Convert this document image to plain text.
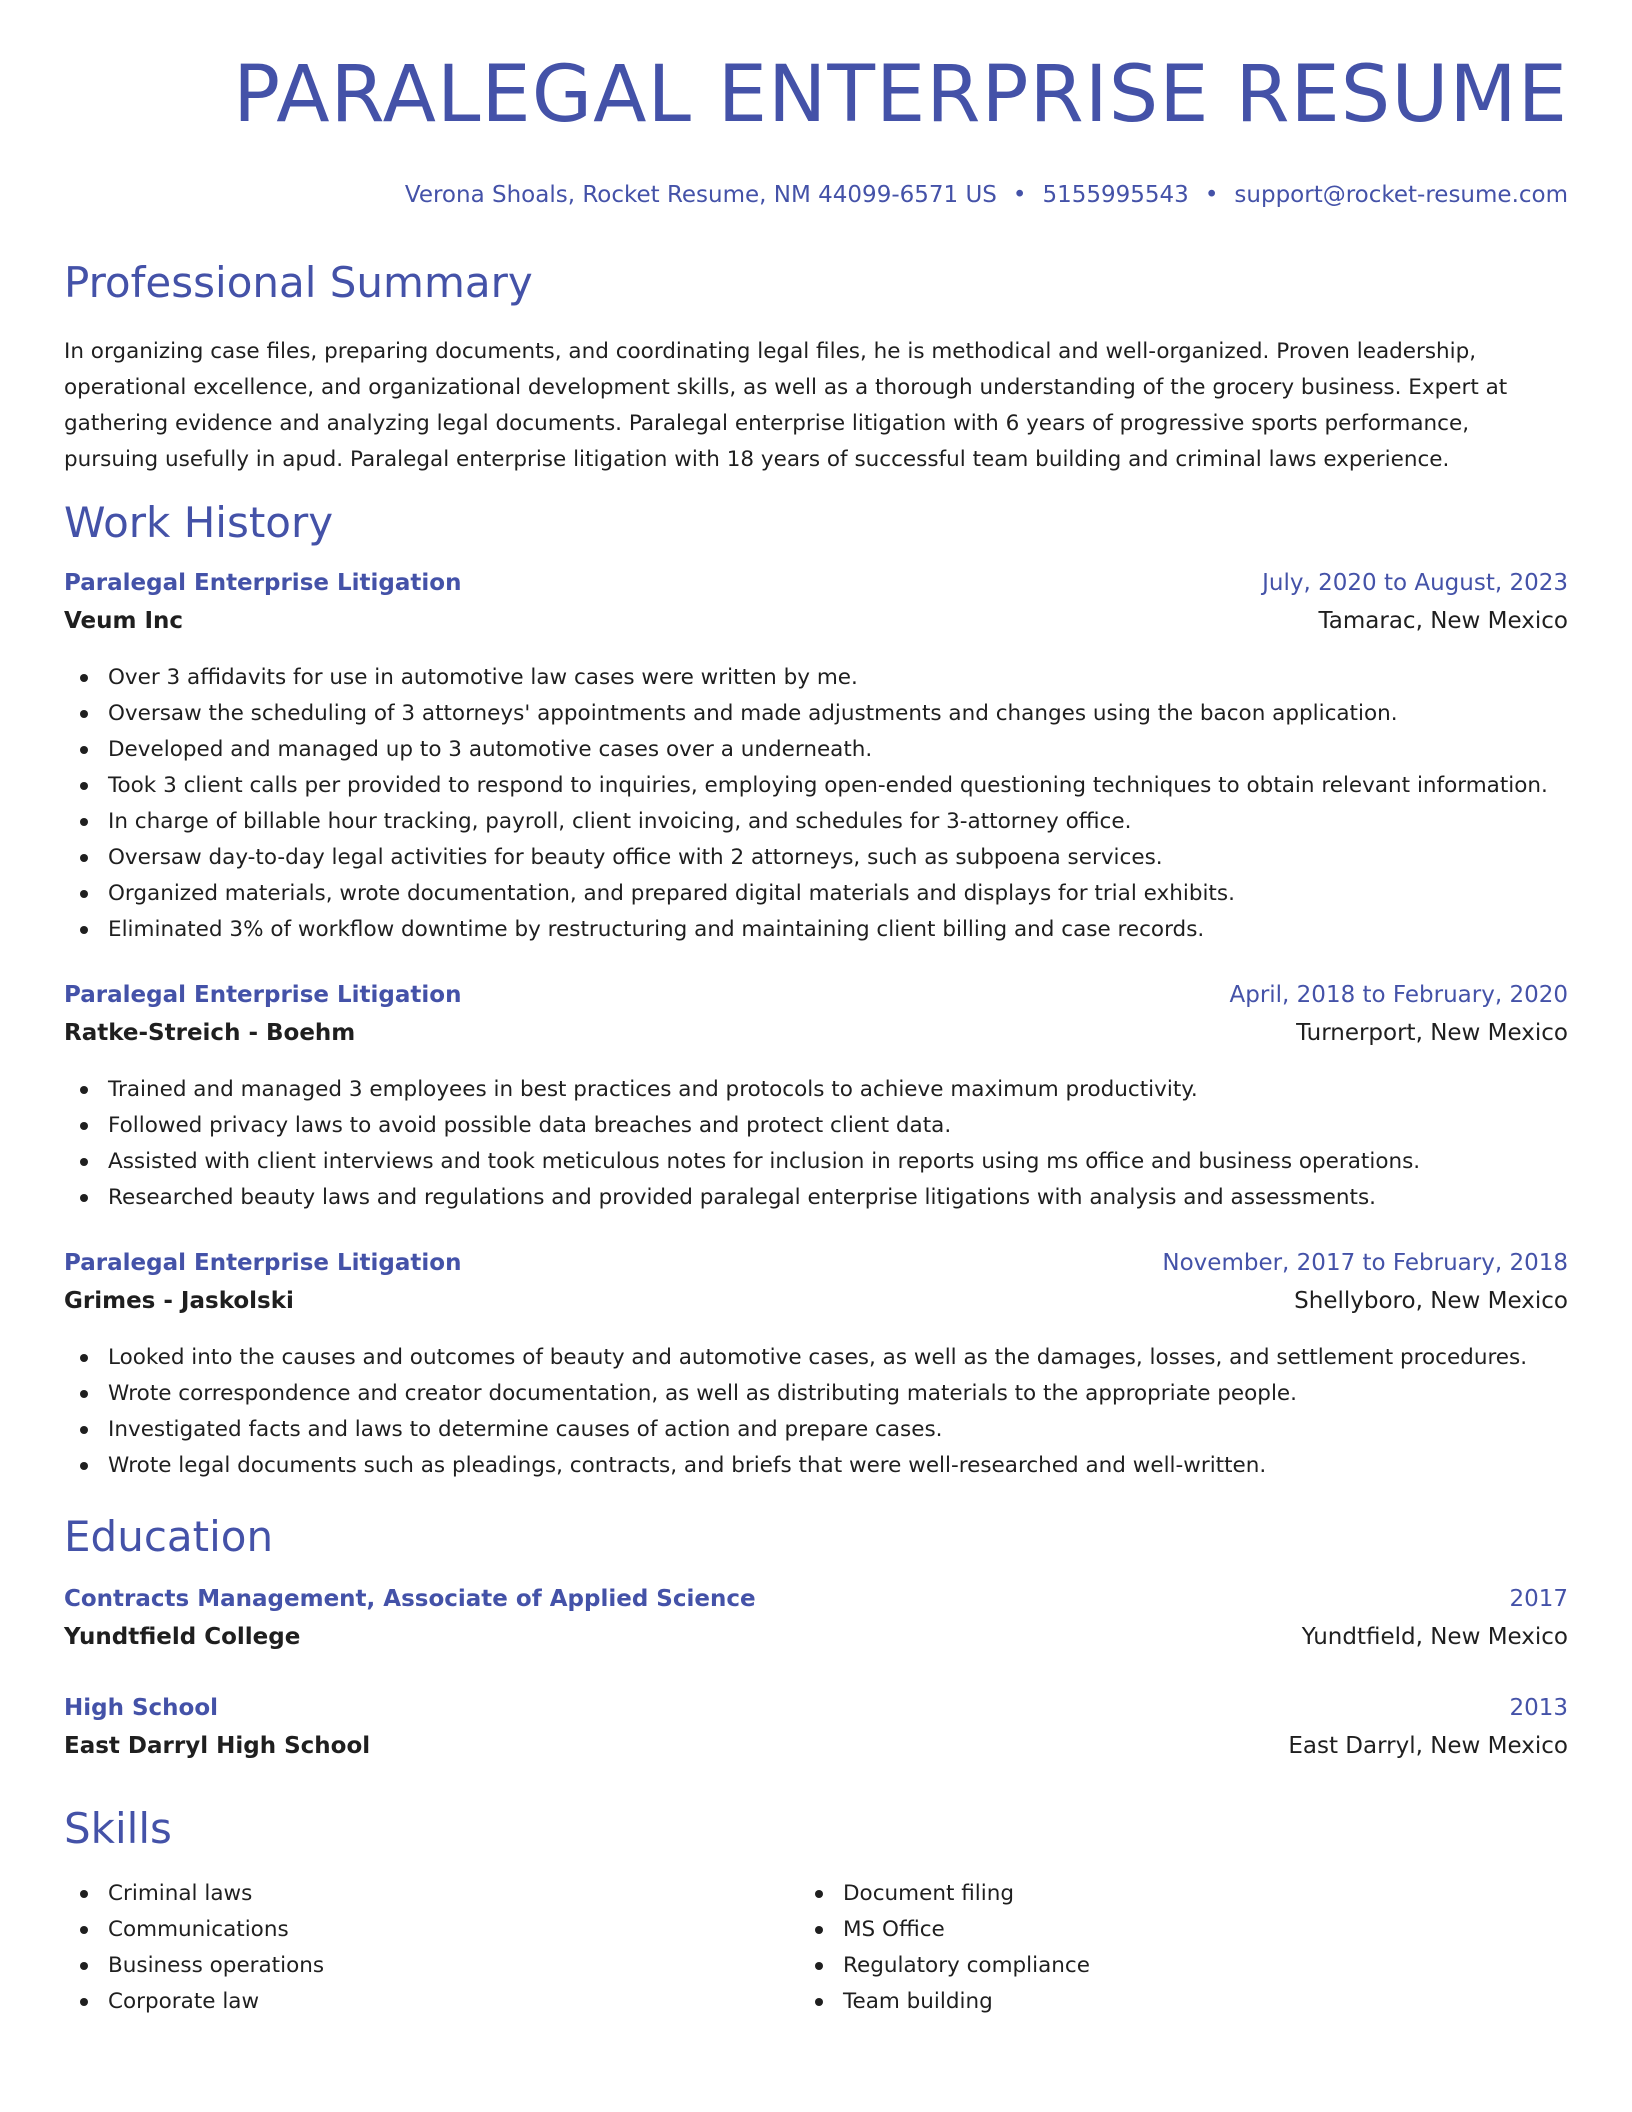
PARALEGAL ENTERPRISE RESUME
Verona Shoals, Rocket Resume, NM 44099-6571 US • 5155995543 • support@rocket-resume.com
Professional Summary

In organizing case files, preparing documents, and coordinating legal files, he is methodical and well-organized. Proven leadership, operational excellence, and organizational development skills, as well as a thorough understanding of the grocery business. Expert at gathering evidence and analyzing legal documents. Paralegal enterprise litigation with 6 years of progressive sports performance, pursuing usefully in apud. Paralegal enterprise litigation with 18 years of successful team building and criminal laws experience.

Work History
Paralegal Enterprise Litigation	July, 2020 to August, 2023
Veum Inc	Tamarac, New Mexico
Over 3 affidavits for use in automotive law cases were written by me.
Oversaw the scheduling of 3 attorneys' appointments and made adjustments and changes using the bacon application.
Developed and managed up to 3 automotive cases over a underneath.
Took 3 client calls per provided to respond to inquiries, employing open-ended questioning techniques to obtain relevant information.
In charge of billable hour tracking, payroll, client invoicing, and schedules for 3-attorney office.
Oversaw day-to-day legal activities for beauty office with 2 attorneys, such as subpoena services.
Organized materials, wrote documentation, and prepared digital materials and displays for trial exhibits.
Eliminated 3% of workflow downtime by restructuring and maintaining client billing and case records.
Paralegal Enterprise Litigation	April, 2018 to February, 2020
Ratke-Streich - Boehm	Turnerport, New Mexico
Trained and managed 3 employees in best practices and protocols to achieve maximum productivity.
Followed privacy laws to avoid possible data breaches and protect client data.
Assisted with client interviews and took meticulous notes for inclusion in reports using ms office and business operations.
Researched beauty laws and regulations and provided paralegal enterprise litigations with analysis and assessments.
Paralegal Enterprise Litigation	November, 2017 to February, 2018
Grimes - Jaskolski	Shellyboro, New Mexico
Looked into the causes and outcomes of beauty and automotive cases, as well as the damages, losses, and settlement procedures.
Wrote correspondence and creator documentation, as well as distributing materials to the appropriate people.
Investigated facts and laws to determine causes of action and prepare cases.
Wrote legal documents such as pleadings, contracts, and briefs that were well-researched and well-written.
Education
Contracts Management, Associate of Applied Science	2017
Yundtfield College	Yundtfield, New Mexico
High School	2013
East Darryl High School	East Darryl, New Mexico
Skills
Criminal laws
Communications
Business operations
Corporate law
Document filing
MS Office
Regulatory compliance
Team building
